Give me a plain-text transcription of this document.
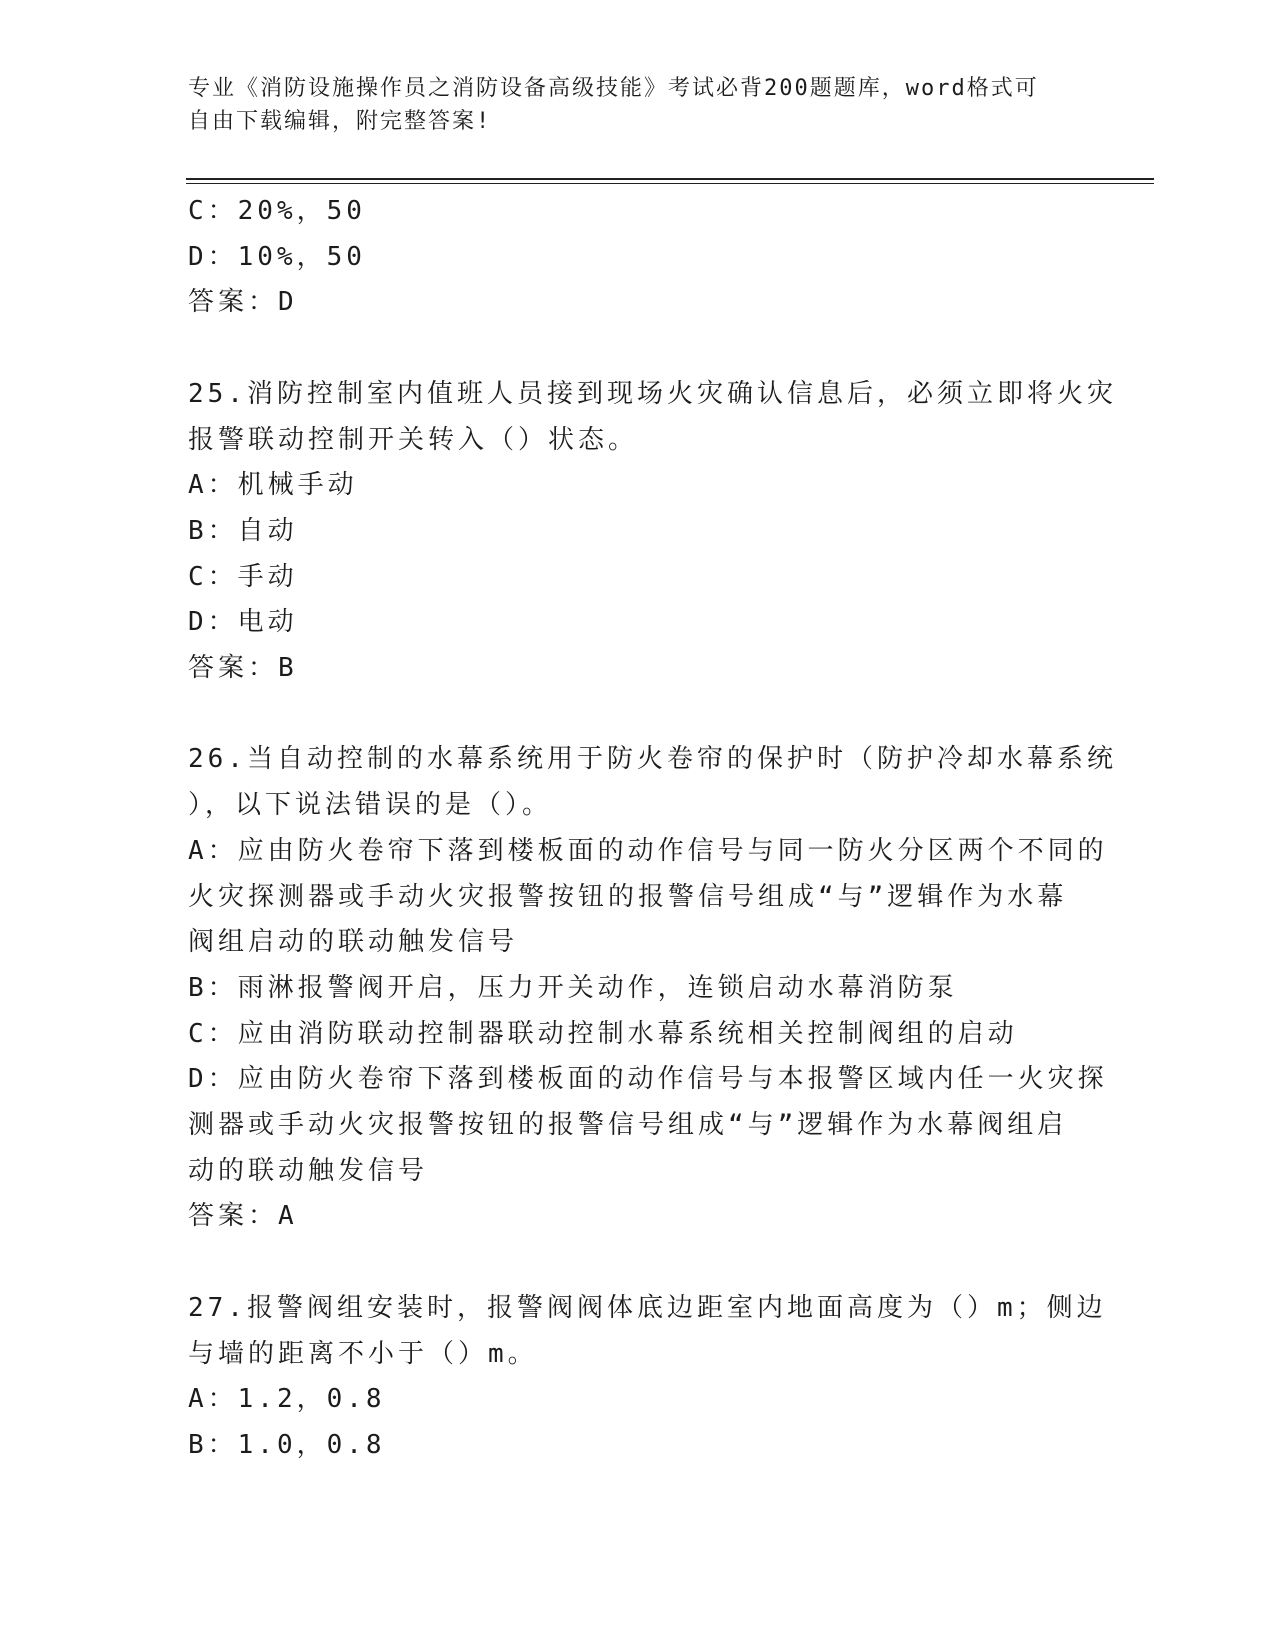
专业《消防设施操作员之消防设备高级技能》考试必背200题题库，word格式可
自由下载编辑，附完整答案!
C：20%，50
D：10%，50
答案：D
25.消防控制室内值班人员接到现场火灾确认信息后，必须立即将火灾
报警联动控制开关转入（）状态。
A：机械手动
B：自动
C：手动
D：电动
答案：B
26.当自动控制的水幕系统用于防火卷帘的保护时（防护冷却水幕系统
），以下说法错误的是（）。
A：应由防火卷帘下落到楼板面的动作信号与同一防火分区两个不同的
火灾探测器或手动火灾报警按钮的报警信号组成“与”逻辑作为水幕
阀组启动的联动触发信号
B：雨淋报警阀开启，压力开关动作，连锁启动水幕消防泵
C：应由消防联动控制器联动控制水幕系统相关控制阀组的启动
D：应由防火卷帘下落到楼板面的动作信号与本报警区域内任一火灾探
测器或手动火灾报警按钮的报警信号组成“与”逻辑作为水幕阀组启
动的联动触发信号
答案：A
27.报警阀组安装时，报警阀阀体底边距室内地面高度为（）m；侧边
与墙的距离不小于（）m。
A：1.2，0.8
B：1.0，0.8
